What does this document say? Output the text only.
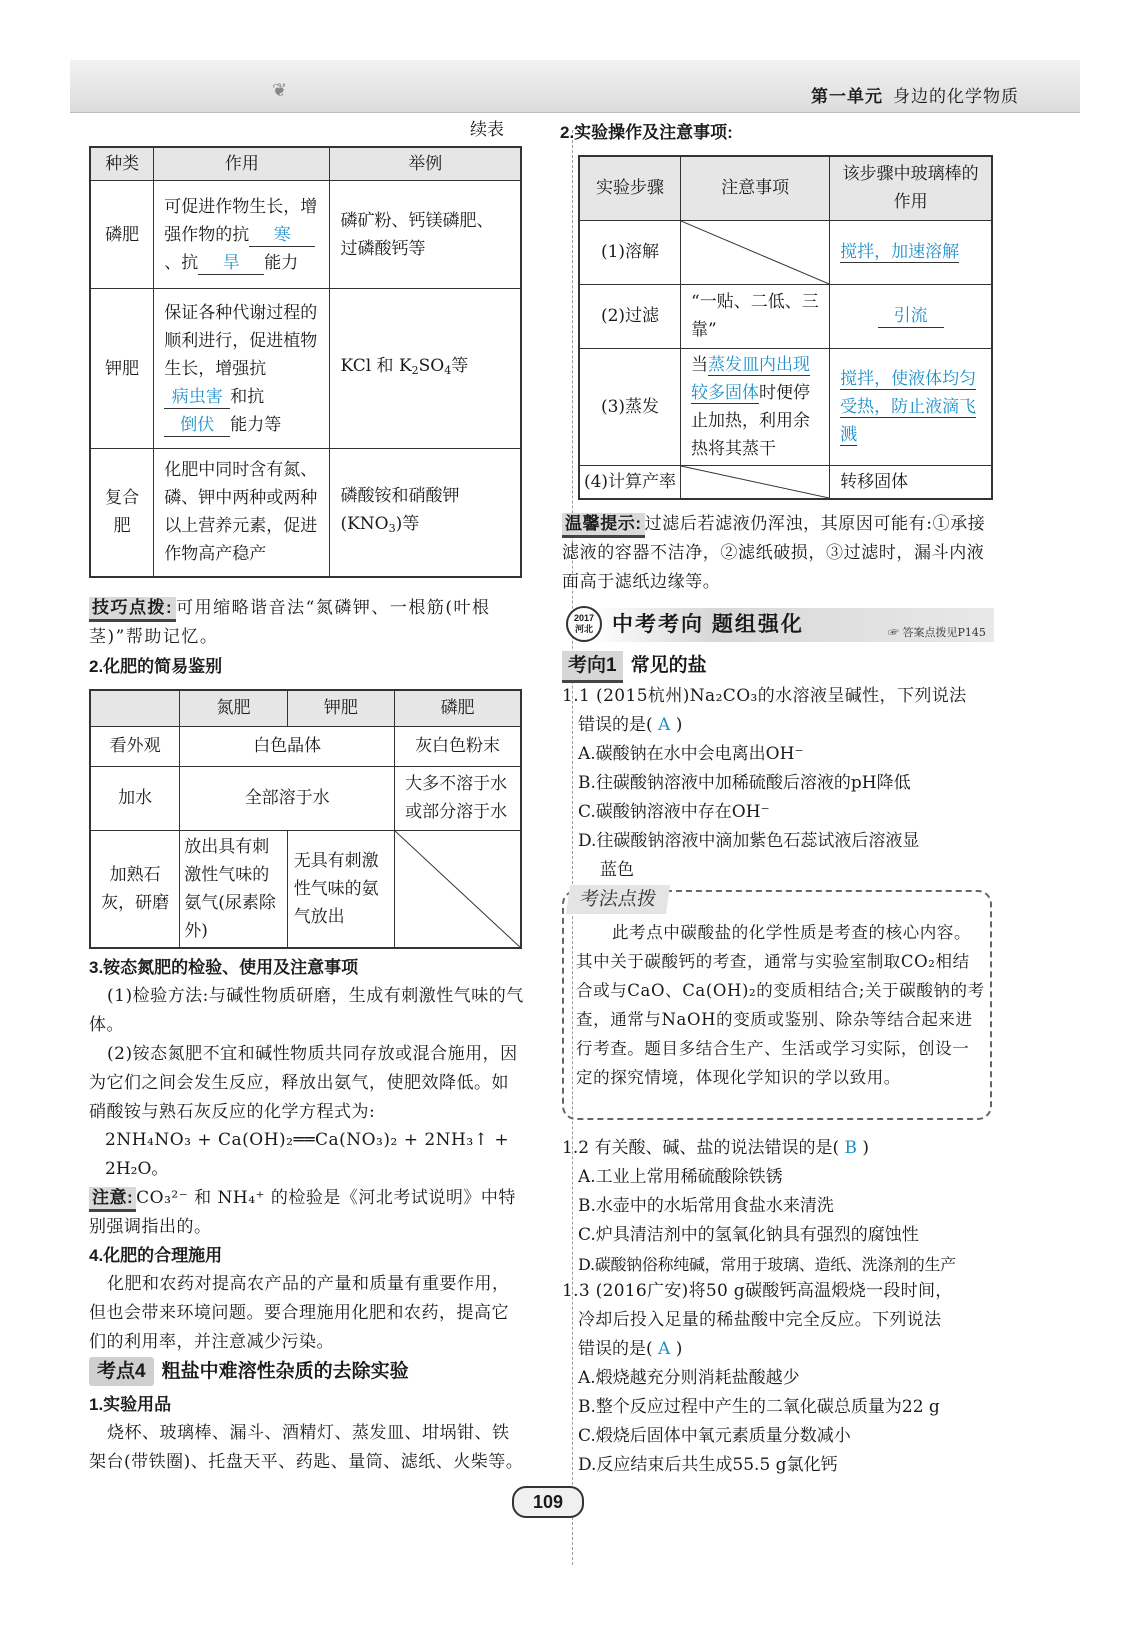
❦	第一单元 身边的化学物质
续表
种类	作用	举例
磷肥	可促进作物生长，增强作物的抗 寒、抗 旱 能力	磷矿粉、钙镁磷肥、过磷酸钙等
钾肥	保证各种代谢过程的顺利进行，促进植物生长，增强抗病虫害 和抗倒伏 能力等	KCl 和 K2SO4等
复合肥	化肥中同时含有氮、磷、钾中两种或两种以上营养元素，促进作物高产稳产	磷酸铵和硝酸钾(KNO3)等
技巧点拨: 可用缩略谐音法“氮磷钾、一根筋(叶根茎)”帮助记忆。
2.化肥的简易鉴别
	氮肥	钾肥	磷肥
看外观	白色晶体		灰白色粉末
加水	全部溶于水		大多不溶于水或部分溶于水
加熟石灰，研磨	放出具有刺激性气味的氨气(尿素除外)	无具有刺激性气味的氨气放出	
3.铵态氮肥的检验、使用及注意事项
(1)检验方法:与碱性物质研磨，生成有刺激性气味的气体。
(2)铵态氮肥不宜和碱性物质共同存放或混合施用，因为它们之间会发生反应，释放出氨气，使肥效降低。如硝酸铵与熟石灰反应的化学方程式为:
2NH₄NO₃ + Ca(OH)₂══Ca(NO₃)₂ + 2NH₃↑ +
2H₂O。
注意: CO₃²⁻ 和 NH₄⁺ 的检验是《河北考试说明》中特别强调指出的。
4.化肥的合理施用
化肥和农药对提高农产品的产量和质量有重要作用，但也会带来环境问题。要合理施用化肥和农药，提高它们的利用率，并注意减少污染。
考点4 粗盐中难溶性杂质的去除实验
1.实验用品
烧杯、玻璃棒、漏斗、酒精灯、蒸发皿、坩埚钳、铁架台(带铁圈)、托盘天平、药匙、量筒、滤纸、火柴等。
2.实验操作及注意事项:
实验步骤	注意事项	该步骤中玻璃棒的作用
(1)溶解		搅拌，加速溶解
(2)过滤	“一贴、二低、三靠”	引流
(3)蒸发	当蒸发皿内出现较多固体时便停止加热，利用余热将其蒸干	搅拌，使液体均匀受热，防止液滴飞溅
(4)计算产率		转移固体
温馨提示: 过滤后若滤液仍浑浊，其原因可能有:①承接滤液的容器不洁净，②滤纸破损，③过滤时，漏斗内液面高于滤纸边缘等。
2017
河北 中考考向 题组强化	☞ 答案点拨见P145
考向1 常见的盐
1.1 (2015杭州)Na₂CO₃的水溶液呈碱性，下列说法
错误的是( A )
A.碳酸钠在水中会电离出OH⁻
B.往碳酸钠溶液中加稀硫酸后溶液的pH降低
C.碳酸钠溶液中存在OH⁻
D.往碳酸钠溶液中滴加紫色石蕊试液后溶液显
蓝色
考法点拨
此考点中碳酸盐的化学性质是考查的核心内容。其中关于碳酸钙的考查，通常与实验室制取CO₂相结合或与CaO、Ca(OH)₂的变质相结合;关于碳酸钠的考查，通常与NaOH的变质或鉴别、除杂等结合起来进行考查。题目多结合生产、生活或学习实际，创设一定的探究情境，体现化学知识的学以致用。
1.2 有关酸、碱、盐的说法错误的是( B )
A.工业上常用稀硫酸除铁锈
B.水壶中的水垢常用食盐水来清洗
C.炉具清洁剂中的氢氧化钠具有强烈的腐蚀性
D.碳酸钠俗称纯碱，常用于玻璃、造纸、洗涤剂的生产
1.3 (2016广安)将50 g碳酸钙高温煅烧一段时间，
冷却后投入足量的稀盐酸中完全反应。下列说法
错误的是( A )
A.煅烧越充分则消耗盐酸越少
B.整个反应过程中产生的二氧化碳总质量为22 g
C.煅烧后固体中氧元素质量分数减小
D.反应结束后共生成55.5 g氯化钙
109
